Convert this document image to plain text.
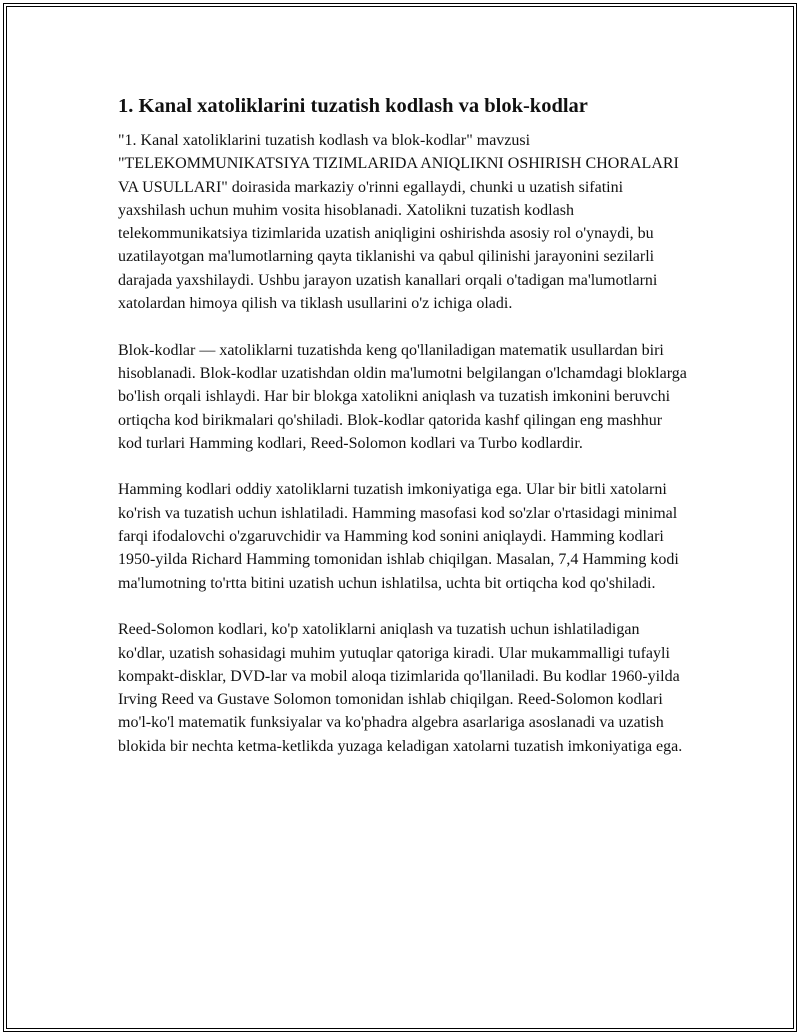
1. Kanal xatoliklarini tuzatish kodlash va blok-kodlar

"1. Kanal xatoliklarini tuzatish kodlash va blok-kodlar" mavzusi "TELEKOMMUNIKATSIYA TIZIMLARIDA ANIQLIKNI OSHIRISH CHORALARI VA USULLARI" doirasida markaziy o'rinni egallaydi, chunki u uzatish sifatini yaxshilash uchun muhim vosita hisoblanadi. Xatolikni tuzatish kodlash telekommunikatsiya tizimlarida uzatish aniqligini oshirishda asosiy rol o'ynaydi, bu uzatilayotgan ma'lumotlarning qayta tiklanishi va qabul qilinishi jarayonini sezilarli darajada yaxshilaydi. Ushbu jarayon uzatish kanallari orqali o'tadigan ma'lumotlarni xatolardan himoya qilish va tiklash usullarini o'z ichiga oladi.

Blok-kodlar — xatoliklarni tuzatishda keng qo'llaniladigan matematik usullardan biri hisoblanadi. Blok-kodlar uzatishdan oldin ma'lumotni belgilangan o'lchamdagi bloklarga bo'lish orqali ishlaydi. Har bir blokga xatolikni aniqlash va tuzatish imkonini beruvchi ortiqcha kod birikmalari qo'shiladi. Blok-kodlar qatorida kashf qilingan eng mashhur kod turlari Hamming kodlari, Reed-Solomon kodlari va Turbo kodlardir.

Hamming kodlari oddiy xatoliklarni tuzatish imkoniyatiga ega. Ular bir bitli xatolarni ko'rish va tuzatish uchun ishlatiladi. Hamming masofasi kod so'zlar o'rtasidagi minimal farqi ifodalovchi o'zgaruvchidir va Hamming kod sonini aniqlaydi. Hamming kodlari 1950-yilda Richard Hamming tomonidan ishlab chiqilgan. Masalan, 7,4 Hamming kodi ma'lumotning to'rtta bitini uzatish uchun ishlatilsa, uchta bit ortiqcha kod qo'shiladi.

Reed-Solomon kodlari, ko'p xatoliklarni aniqlash va tuzatish uchun ishlatiladigan ko'dlar, uzatish sohasidagi muhim yutuqlar qatoriga kiradi. Ular mukammalligi tufayli kompakt-disklar, DVD-lar va mobil aloqa tizimlarida qo'llaniladi. Bu kodlar 1960-yilda Irving Reed va Gustave Solomon tomonidan ishlab chiqilgan. Reed-Solomon kodlari mo'l-ko'l matematik funksiyalar va ko'phadra algebra asarlariga asoslanadi va uzatish blokida bir nechta ketma-ketlikda yuzaga keladigan xatolarni tuzatish imkoniyatiga ega.
